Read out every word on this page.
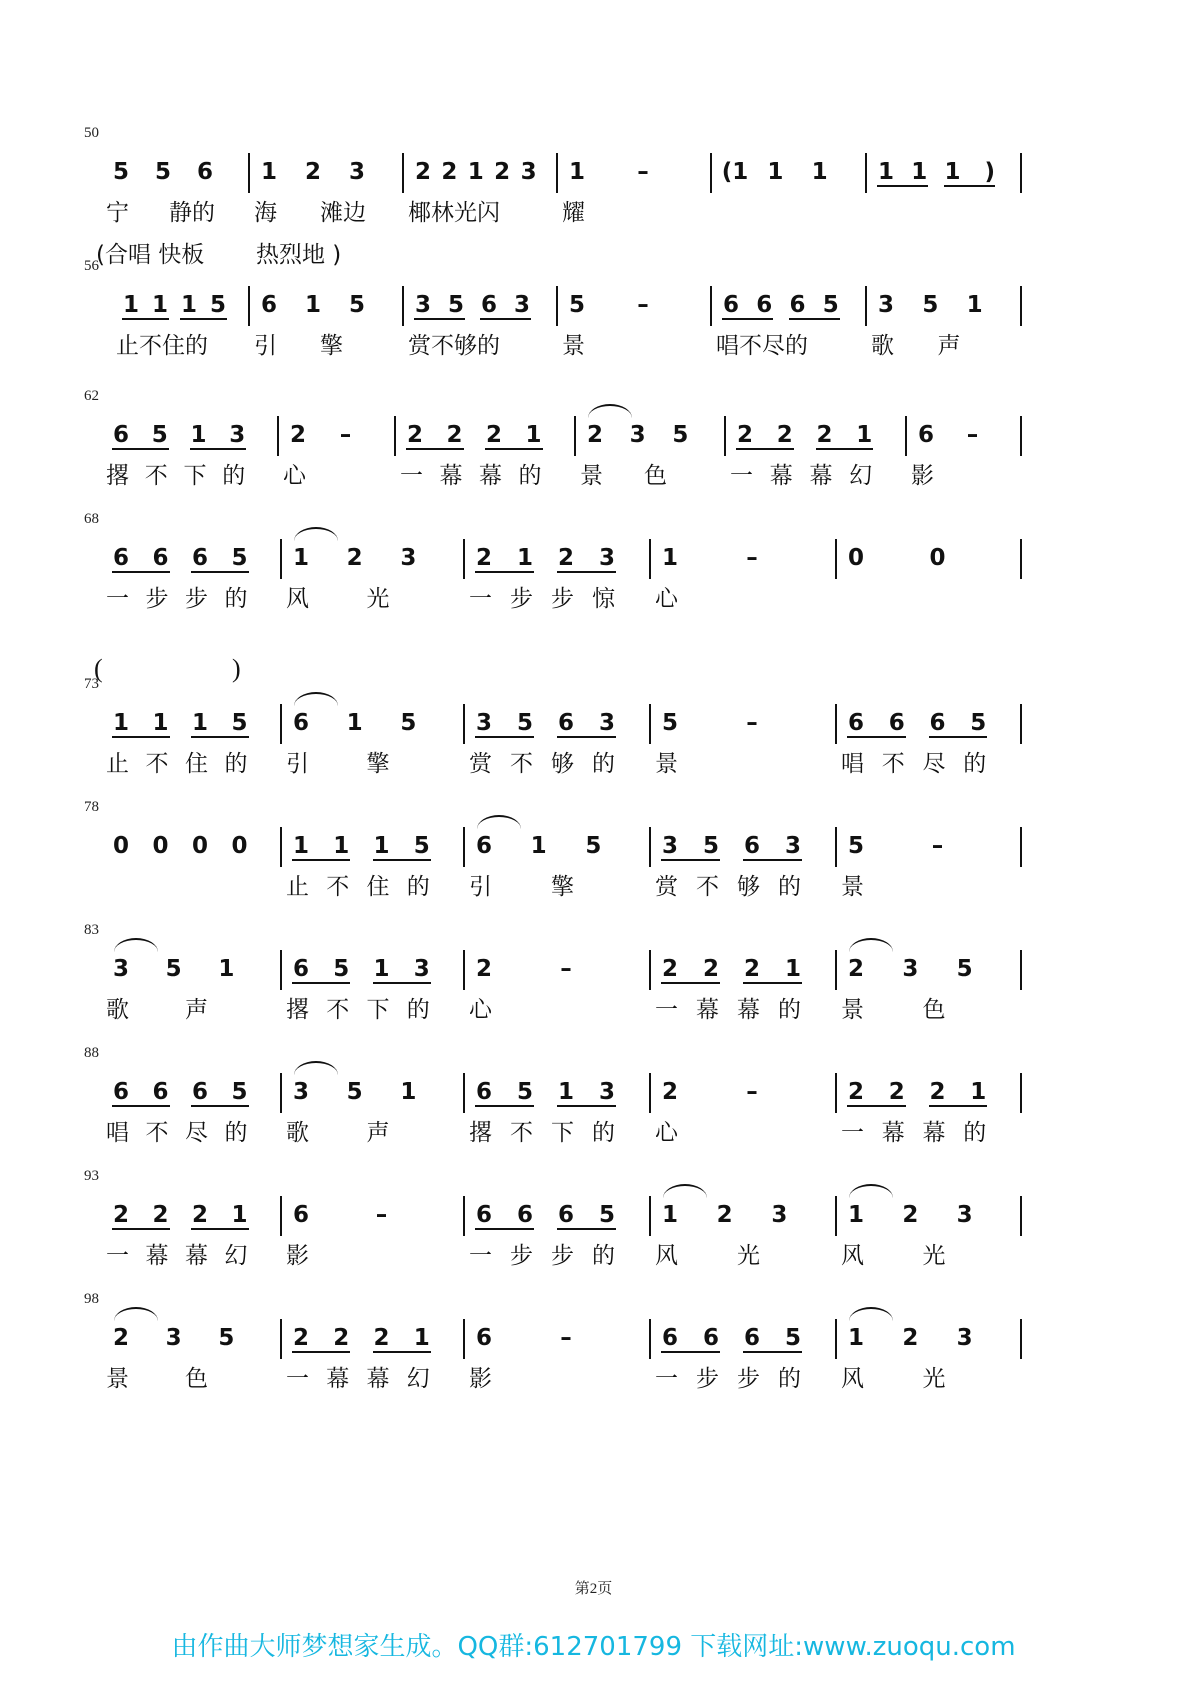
50
5 5 6
宁 静的
1 2 3
海 滩边
2 2 1 2 3
椰林光闪
1 –
耀
(1 1 1 1 1 1	)
56
(合唱 快板 热烈地 )
1 1 1 5
止不住的
6 1 5
引 擎
3 5 6 3
赏不够的
5 –
景
6 6 6 5
唱不尽的
3 5 1
歌 声
62
6 5 1 3
撂 不 下 的
2 –
心
2 2 2 1
一 幕 幕 的
2 3 5
景 色
2 2 2 1
一 幕 幕 幻
6 –
影
68
6 6 6 5
一 步 步 的
1 2 3
风	光
2 1 2 3
一 步 步 惊
1	–
心
0	0
73
(	)
1 1 1 5
止 不 住 的
6 1 5
引	擎
3 5 6 3
赏 不 够 的
5	–
景
6 6 6 5
唱 不 尽 的
78
0 0 0 0 1 1 1 5
止 不 住 的
6 1 5
引	擎
3 5 6 3
赏 不 够 的
5	–
景
83
3 5 1
歌 声
6 5 1 3
撂 不 下 的
2	–
心
2 2 2 1
一 幕 幕 的
2 3 5
景	色
88
6 6 6 5
唱 不 尽 的
3 5 1
歌	声
6 5 1 3
撂 不 下 的
2	–
心
2 2 2 1
一 幕 幕 的
93
2 2 2 1
一 幕 幕 幻
6	–
影
6 6 6 5
一 步 步 的
1 2 3
风	光
1 2 3
风	光
98
2 3 5
景 色
2 2 2 1
一 幕 幕 幻
6	–
影
6 6 6 5
一 步 步 的
1 2 3
风	光
第2页
由作曲大师梦想家生成。QQ群:612701799 下载网址:www.zuoqu.com
